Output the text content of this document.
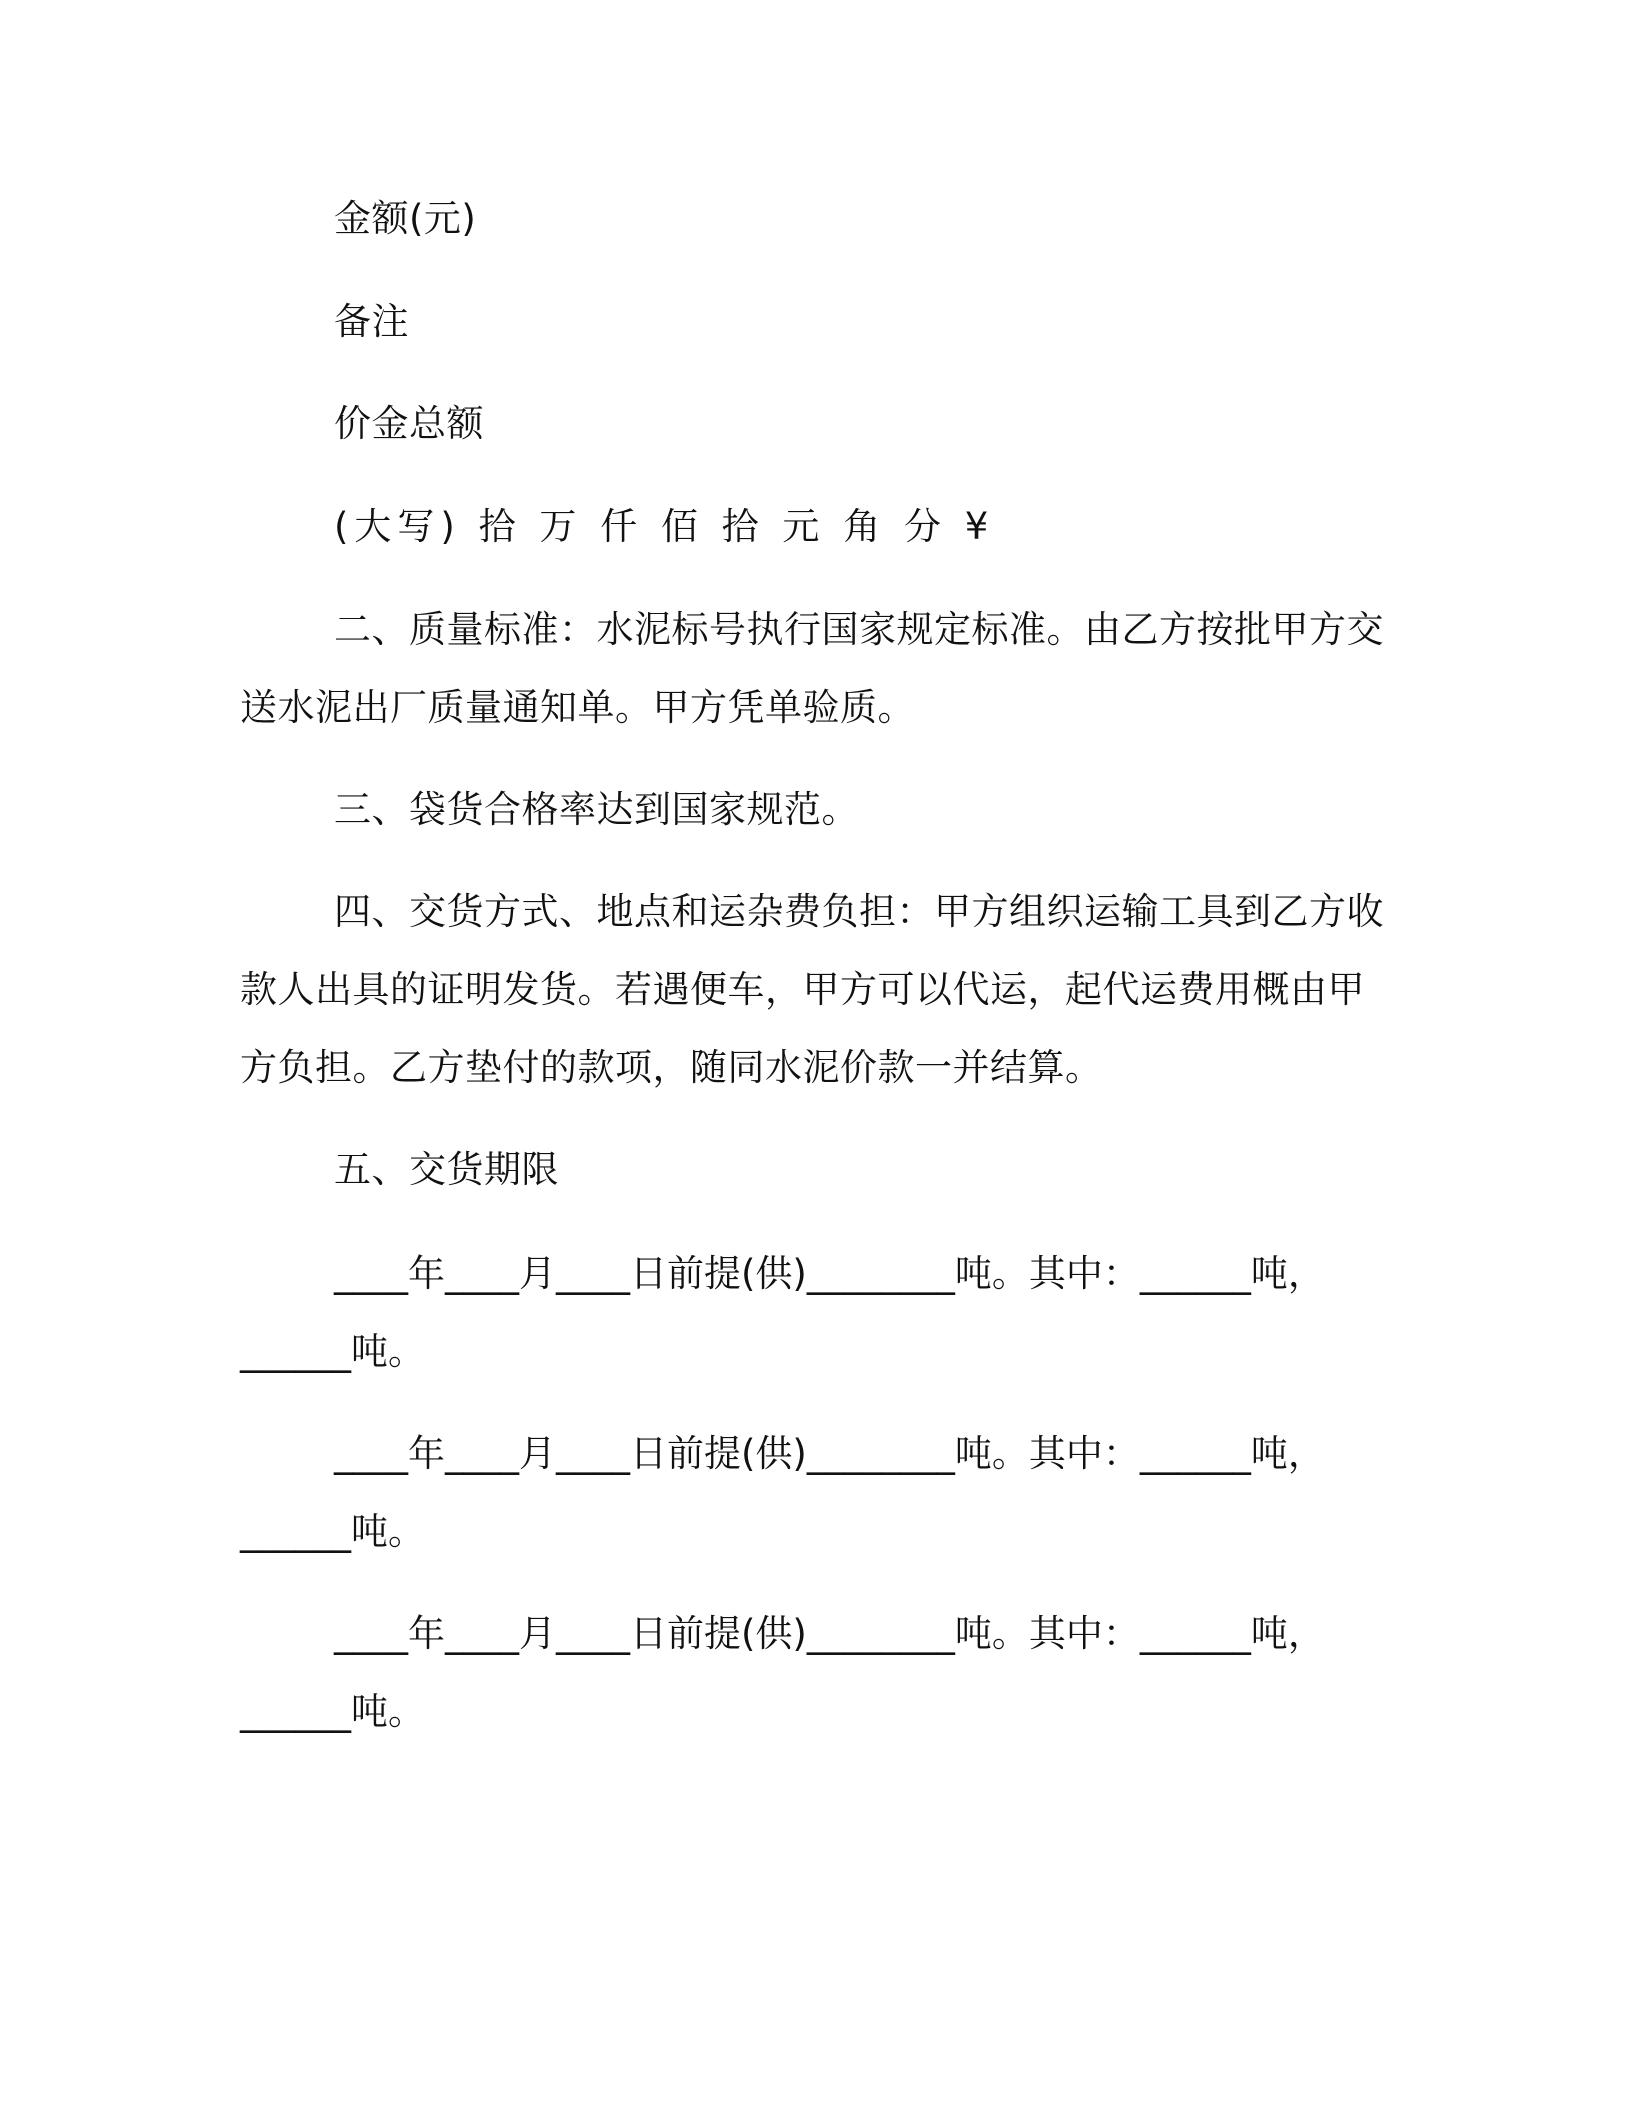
金额(元)
备注
价金总额
(大写) 拾 万 仟 佰 拾 元 角 分 ¥
二、质量标准：水泥标号执行国家规定标准。由乙方按批甲方交
送水泥出厂质量通知单。甲方凭单验质。
三、袋货合格率达到国家规范。
四、交货方式、地点和运杂费负担：甲方组织运输工具到乙方收
款人出具的证明发货。若遇便车，甲方可以代运，起代运费用概由甲
方负担。乙方垫付的款项，随同水泥价款一并结算。
五、交货期限
____年____月____日前提(供)________吨。其中：______吨，
______吨。
____年____月____日前提(供)________吨。其中：______吨，
______吨。
____年____月____日前提(供)________吨。其中：______吨，
______吨。
